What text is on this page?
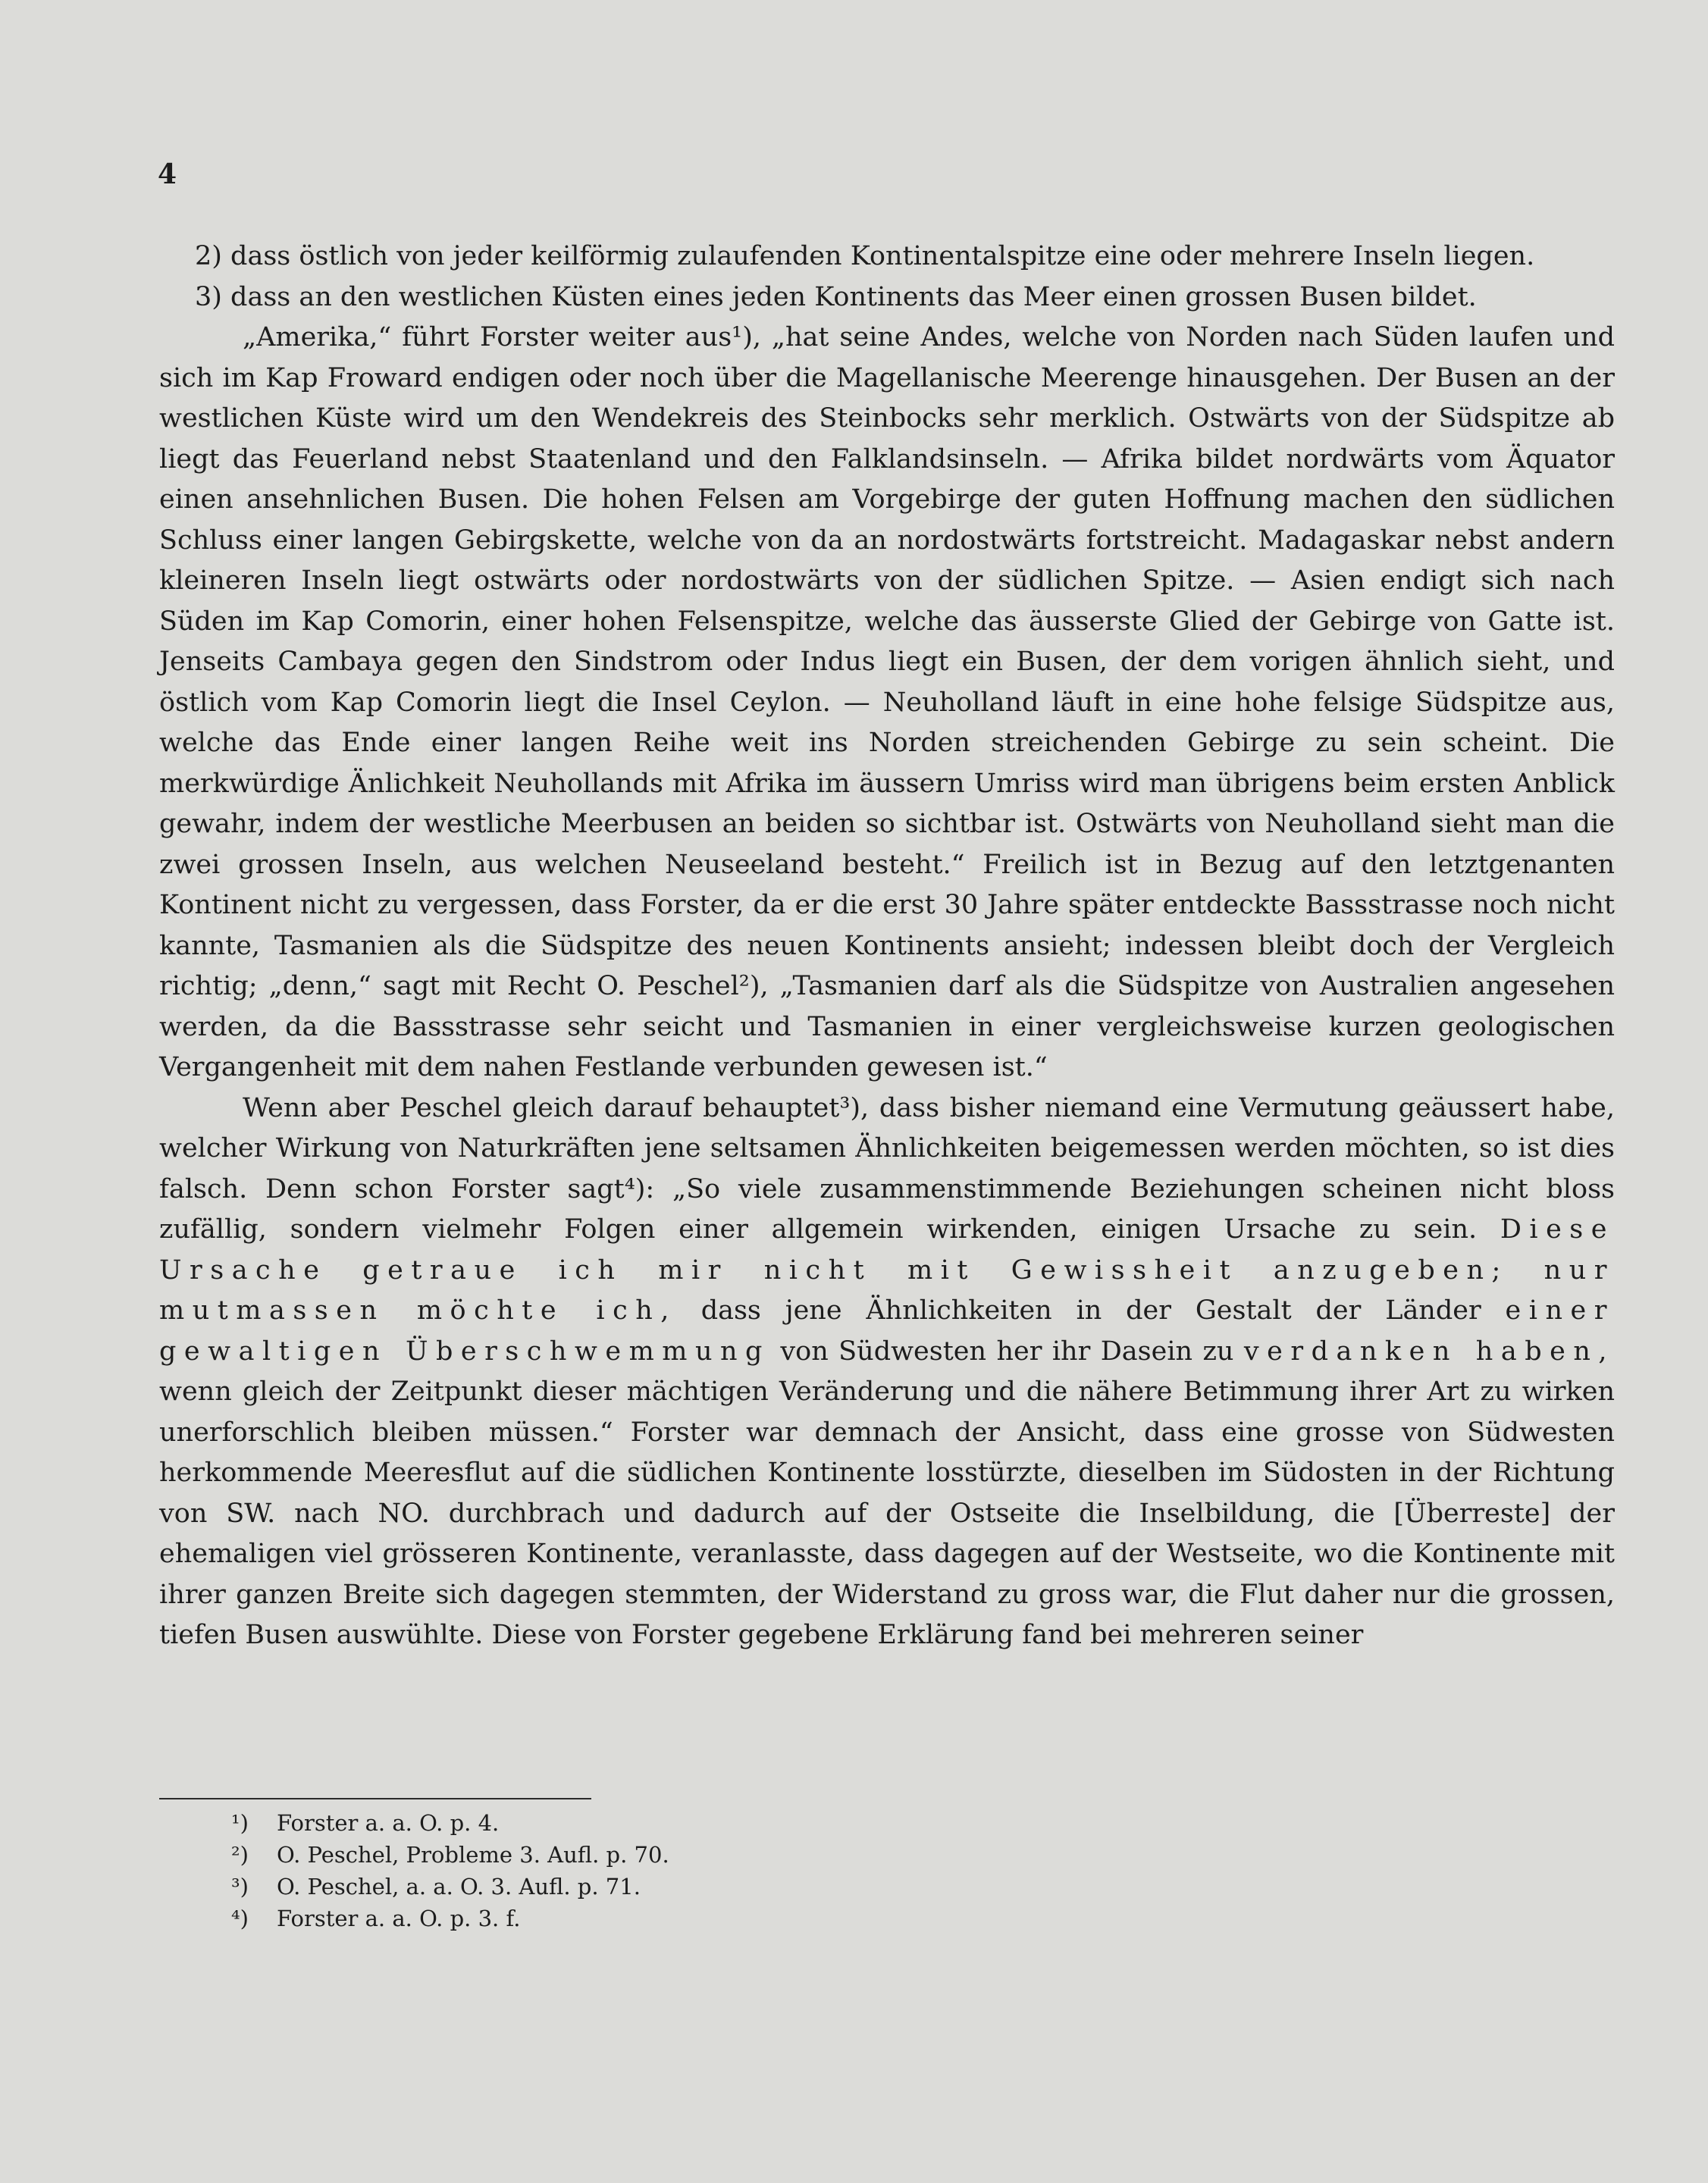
4

2) dass östlich von jeder keilförmig zulaufenden Kontinentalspitze eine oder mehrere Inseln liegen.

3) dass an den westlichen Küsten eines jeden Kontinents das Meer einen grossen Busen bildet.

„Amerika,“ führt Forster weiter aus¹), „hat seine Andes, welche von Norden nach Süden laufen und sich im Kap Froward endigen oder noch über die Magellanische Meerenge hinausgehen. Der Busen an der westlichen Küste wird um den Wendekreis des Steinbocks sehr merklich. Ostwärts von der Südspitze ab liegt das Feuerland nebst Staatenland und den Falklandsinseln. — Afrika bildet nordwärts vom Äquator einen ansehnlichen Busen. Die hohen Felsen am Vorgebirge der guten Hoffnung machen den südlichen Schluss einer langen Gebirgskette, welche von da an nordostwärts fortstreicht. Madagaskar nebst andern kleineren Inseln liegt ostwärts oder nordostwärts von der südlichen Spitze. — Asien endigt sich nach Süden im Kap Comorin, einer hohen Felsenspitze, welche das äusserste Glied der Gebirge von Gatte ist. Jenseits Cambaya gegen den Sindstrom oder Indus liegt ein Busen, der dem vorigen ähnlich sieht, und östlich vom Kap Comorin liegt die Insel Ceylon. — Neuholland läuft in eine hohe felsige Südspitze aus, welche das Ende einer langen Reihe weit ins Norden streichenden Gebirge zu sein scheint. Die merkwürdige Änlichkeit Neuhollands mit Afrika im äussern Umriss wird man übrigens beim ersten Anblick gewahr, indem der westliche Meerbusen an beiden so sichtbar ist. Ostwärts von Neuholland sieht man die zwei grossen Inseln, aus welchen Neuseeland besteht.“ Freilich ist in Bezug auf den letztgenanten Kontinent nicht zu vergessen, dass Forster, da er die erst 30 Jahre später entdeckte Bassstrasse noch nicht kannte, Tasmanien als die Südspitze des neuen Kontinents ansieht; indessen bleibt doch der Vergleich richtig; „denn,“ sagt mit Recht O. Peschel²), „Tasmanien darf als die Südspitze von Australien angesehen werden, da die Bassstrasse sehr seicht und Tasmanien in einer vergleichsweise kurzen geologischen Vergangenheit mit dem nahen Festlande verbunden gewesen ist.“

Wenn aber Peschel gleich darauf behauptet³), dass bisher niemand eine Vermutung geäussert habe, welcher Wirkung von Naturkräften jene seltsamen Ähnlichkeiten beigemessen werden möchten, so ist dies falsch. Denn schon Forster sagt⁴): „So viele zusammenstimmende Beziehungen scheinen nicht bloss zufällig, sondern vielmehr Folgen einer allgemein wirkenden, einigen Ursache zu sein. Diese Ursache getraue ich mir nicht mit Gewissheit anzugeben; nur mutmassen möchte ich, dass jene Ähnlichkeiten in der Gestalt der Länder einer gewaltigen Überschwemmung von Südwesten her ihr Dasein zu verdanken haben, wenn gleich der Zeitpunkt dieser mächtigen Veränderung und die nähere Betimmung ihrer Art zu wirken unerforschlich bleiben müssen.“ Forster war demnach der Ansicht, dass eine grosse von Südwesten herkommende Meeresflut auf die südlichen Kontinente losstürzte, dieselben im Südosten in der Richtung von SW. nach NO. durchbrach und dadurch auf der Ostseite die Inselbildung, die [Überreste] der ehemaligen viel grösseren Kontinente, veranlasste, dass dagegen auf der Westseite, wo die Kontinente mit ihrer ganzen Breite sich dagegen stemmten, der Widerstand zu gross war, die Flut daher nur die grossen, tiefen Busen auswühlte. Diese von Forster gegebene Erklärung fand bei mehreren seiner

¹) Forster a. a. O. p. 4.

²) O. Peschel, Probleme 3. Aufl. p. 70.

³) O. Peschel, a. a. O. 3. Aufl. p. 71.

⁴) Forster a. a. O. p. 3. f.
